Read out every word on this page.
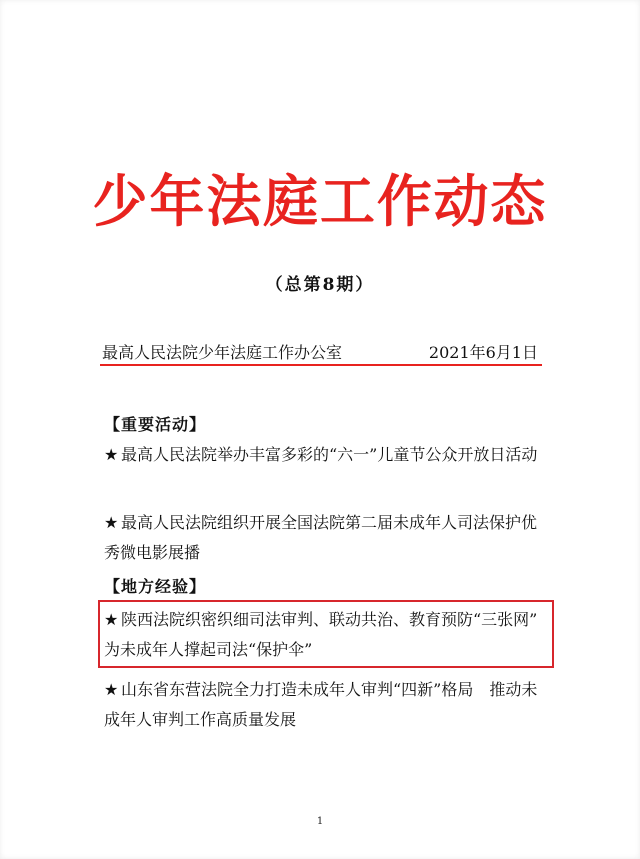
少年法庭工作动态
（总第8期）
最高人民法院少年法庭工作办公室	2021年6月1日
【重要活动】
★ 最高人民法院举办丰富多彩的“六一”儿童节公众开放日活动
★ 最高人民法院组织开展全国法院第二届未成年人司法保护优秀微电影展播
【地方经验】
★ 陕西法院织密织细司法审判、联动共治、教育预防“三张网” 为未成年人撑起司法“保护伞”
★ 山东省东营法院全力打造未成年人审判“四新”格局　推动未成年人审判工作高质量发展
1
